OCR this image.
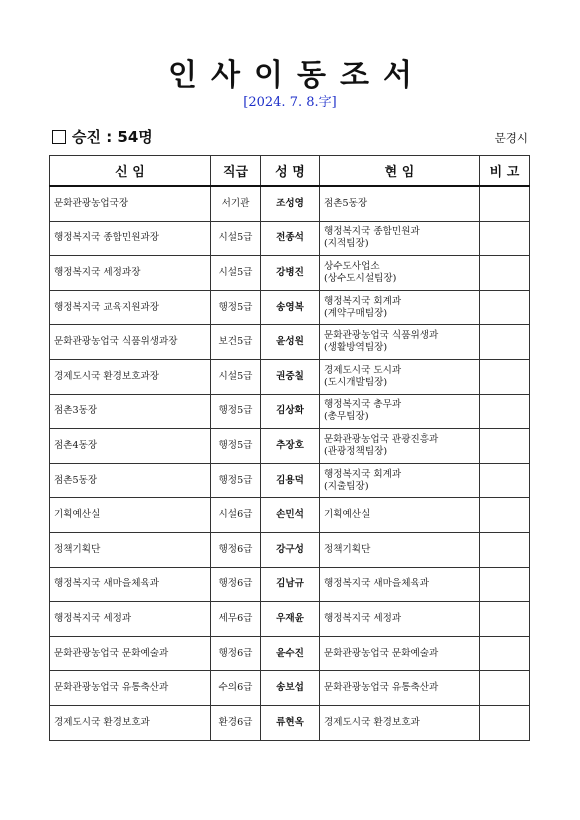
인사이동조서
[2024. 7. 8.字]
승진 : 54명	문경시
신 임	직급	성 명	현 임	비 고
문화관광농업국장	서기관	조성영	점촌5동장	

행정복지국 종합민원과장	시설5급	전종석	행정복지국 종합민원과
(지적팀장)	

행정복지국 세정과장	시설5급	강병진	상수도사업소
(상수도시설팀장)	

행정복지국 교육지원과장	행정5급	송영복	행정복지국 회계과
(계약구매팀장)	

문화관광농업국 식품위생과장	보건5급	윤성원	문화관광농업국 식품위생과
(생활방역팀장)	

경제도시국 환경보호과장	시설5급	권중칠	경제도시국 도시과
(도시개발팀장)	

점촌3동장	행정5급	김상화	행정복지국 총무과
(총무팀장)	

점촌4동장	행정5급	추장호	문화관광농업국 관광진흥과
(관광정책팀장)	

점촌5동장	행정5급	김용덕	행정복지국 회계과
(지출팀장)	

기획예산실	시설6급	손민석	기획예산실	

정책기획단	행정6급	강구성	정책기획단	

행정복지국 새마을체육과	행정6급	김남규	행정복지국 새마을체육과	

행정복지국 세정과	세무6급	우재윤	행정복지국 세정과	

문화관광농업국 문화예술과	행정6급	윤수진	문화관광농업국 문화예술과	

문화관광농업국 유통축산과	수의6급	송보섭	문화관광농업국 유통축산과	

경제도시국 환경보호과	환경6급	류현옥	경제도시국 환경보호과	
